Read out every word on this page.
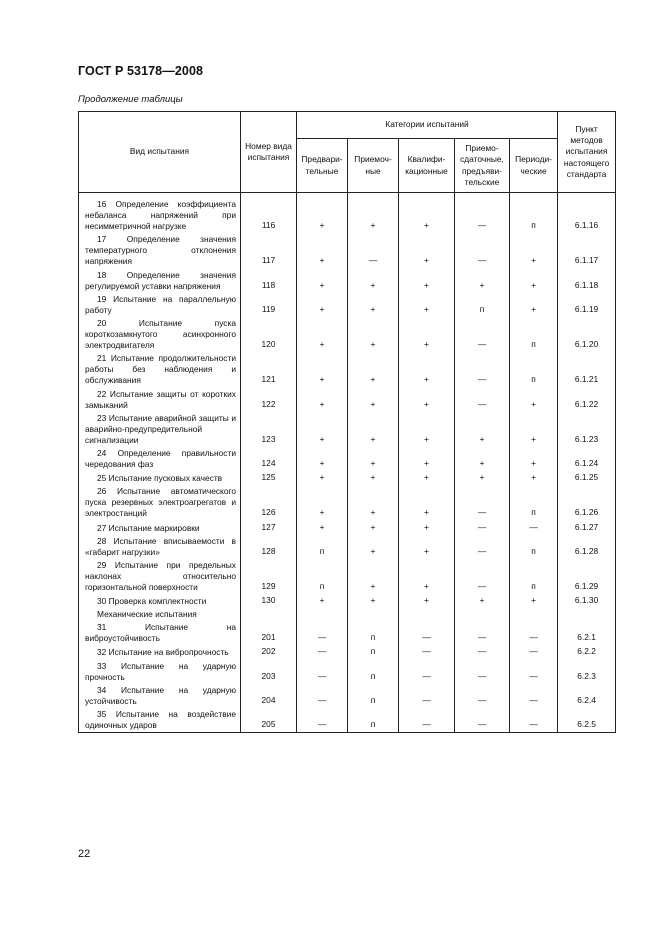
ГОСТ Р 53178—2008
Продолжение таблицы
Вид испытания	Номер вида испытания	Категории испытаний					Пункт методов испытания настоящего стандарта
		Предвари-тельные	Приемоч-ные	Квалифи-кационные	Приемо-сдаточные, предъяви-тельские	Периоди-ческие	
16 Определение коэффициента небаланса напряжений при несимметричной нагрузке	116	+	+	+	—	п	6.1.16
17 Определение значения температурного отклонения напряжения	117	+	—	+	—	+	6.1.17
18 Определение значения регулируемой уставки напряжения	118	+	+	+	+	+	6.1.18
19 Испытание на параллельную работу	119	+	+	+	п	+	6.1.19
20 Испытание пуска короткозамкнутого асинхронного электродвигателя	120	+	+	+	—	п	6.1.20
21 Испытание продолжительности работы без наблюдения и обслуживания	121	+	+	+	—	п	6.1.21
22 Испытание защиты от коротких замыканий	122	+	+	+	—	+	6.1.22
23 Испытание аварийной защиты и аварийно-предупредительной сигнализации	123	+	+	+	+	+	6.1.23
24 Определение правильности чередования фаз	124	+	+	+	+	+	6.1.24
25 Испытание пусковых качеств	125	+	+	+	+	+	6.1.25
26 Испытание автоматического пуска резервных электроагрегатов и электростанций	126	+	+	+	—	п	6.1.26
27 Испытание маркировки	127	+	+	+	—	—	6.1.27
28 Испытание вписываемости в «габарит нагрузки»	128	п	+	+	—	п	6.1.28
29 Испытание при предельных наклонах относительно горизонтальной поверхности	129	п	+	+	—	п	6.1.29
30 Проверка комплектности	130	+	+	+	+	+	6.1.30
Механические испытания							
31 Испытание на виброустойчивость	201	—	п	—	—	—	6.2.1
32 Испытание на вибропрочность	202	—	п	—	—	—	6.2.2
33 Испытание на ударную прочность	203	—	п	—	—	—	6.2.3
34 Испытание на ударную устойчивость	204	—	п	—	—	—	6.2.4
35 Испытание на воздействие одиночных ударов	205	—	п	—	—	—	6.2.5
22
